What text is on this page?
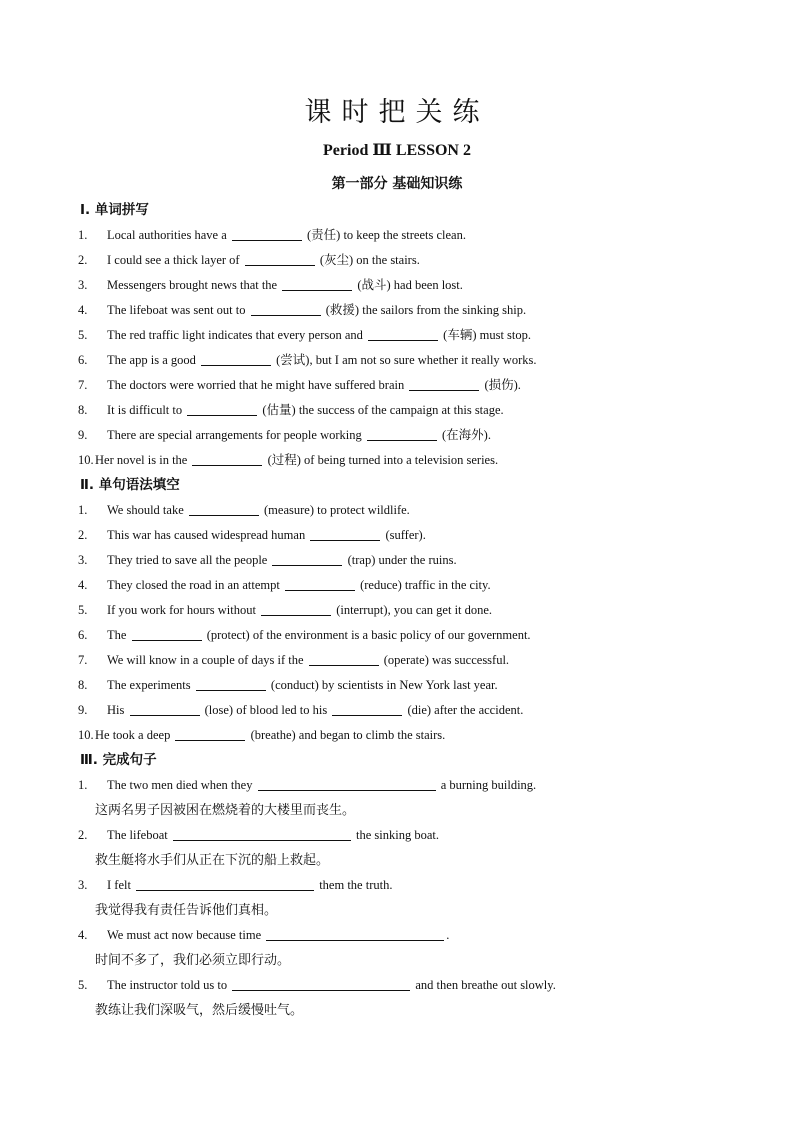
课时把关练
Period Ⅲ LESSON 2
第一部分 基础知识练
Ⅰ. 单词拼写
1. Local authorities have a	(责任) to keep the streets clean.
2. I could see a thick layer of	(灰尘) on the stairs.
3. Messengers brought news that the	(战斗) had been lost.
4. The lifeboat was sent out to	(救援) the sailors from the sinking ship.
5. The red traffic light indicates that every person and	(车辆) must stop.
6. The app is a good	(尝试), but I am not so sure whether it really works.
7. The doctors were worried that he might have suffered brain	(损伤).
8. It is difficult to	(估量) the success of the campaign at this stage.
9. There are special arrangements for people working	(在海外).
10.Her novel is in the	(过程) of being turned into a television series.
Ⅱ. 单句语法填空
1. We should take	(measure) to protect wildlife.
2. This war has caused widespread human	(suffer).
3. They tried to save all the people	(trap) under the ruins.
4. They closed the road in an attempt	(reduce) traffic in the city.
5. If you work for hours without	(interrupt), you can get it done.
6. The	(protect) of the environment is a basic policy of our government.
7. We will know in a couple of days if the	(operate) was successful.
8. The experiments	(conduct) by scientists in New York last year.
9. His	(lose) of blood led to his	(die) after the accident.
10.He took a deep	(breathe) and began to climb the stairs.
Ⅲ. 完成句子
1. The two men died when they	a burning building.
这两名男子因被困在燃烧着的大楼里而丧生。
2. The lifeboat	the sinking boat.
救生艇将水手们从正在下沉的船上救起。
3. I felt	them the truth.
我觉得我有责任告诉他们真相。
4. We must act now because time	.
时间不多了，我们必须立即行动。
5. The instructor told us to	and then breathe out slowly.
教练让我们深吸气，然后缓慢吐气。
